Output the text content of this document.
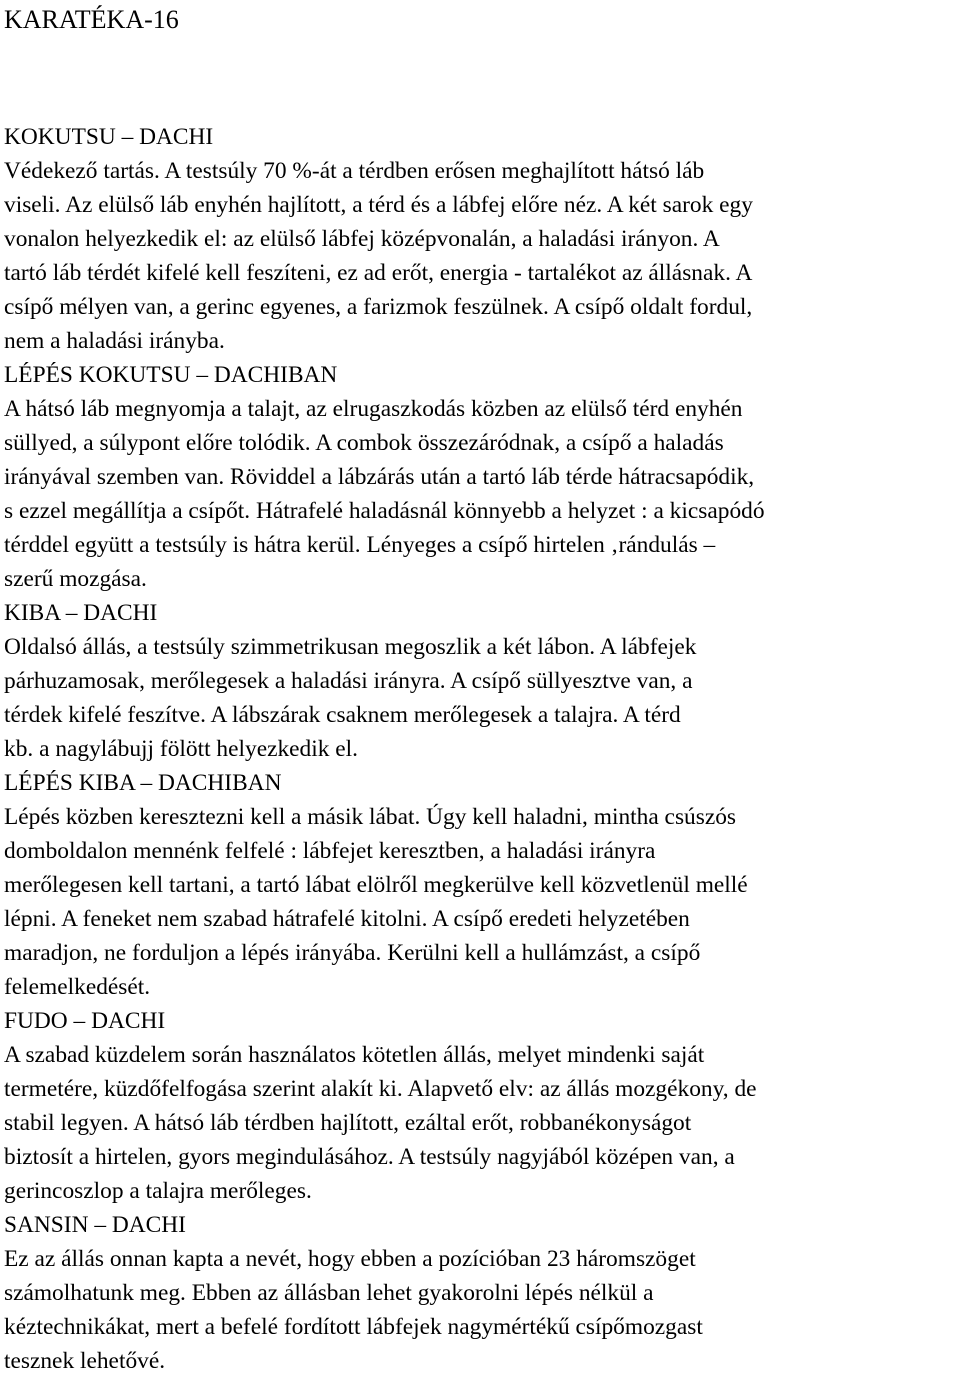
KARATÉKA-16
KOKUTSU – DACHI

Védekező tartás. A testsúly 70 %-át a térdben erősen meghajlított hátsó láb
viseli. Az elülső láb enyhén hajlított, a térd és a lábfej előre néz. A két sarok egy
vonalon helyezkedik el: az elülső lábfej középvonalán, a haladási irányon. A
tartó láb térdét kifelé kell feszíteni, ez ad erőt, energia - tartalékot az állásnak. A
csípő mélyen van, a gerinc egyenes, a farizmok feszülnek. A csípő oldalt fordul,
nem a haladási irányba.

LÉPÉS KOKUTSU – DACHIBAN

A hátsó láb megnyomja a talajt, az elrugaszkodás közben az elülső térd enyhén
süllyed, a súlypont előre tolódik. A combok összezáródnak, a csípő a haladás
irányával szemben van. Röviddel a lábzárás után a tartó láb térde hátracsapódik,
s ezzel megállítja a csípőt. Hátrafelé haladásnál könnyebb a helyzet : a kicsapódó
térddel együtt a testsúly is hátra kerül. Lényeges a csípő hirtelen ‚rándulás –
szerű mozgása.

KIBA – DACHI

Oldalsó állás, a testsúly szimmetrikusan megoszlik a két lábon. A lábfejek
párhuzamosak, merőlegesek a haladási irányra. A csípő süllyesztve van, a
térdek kifelé feszítve. A lábszárak csaknem merőlegesek a talajra. A térd
kb. a nagylábujj fölött helyezkedik el.

LÉPÉS KIBA – DACHIBAN

Lépés közben keresztezni kell a másik lábat. Úgy kell haladni, mintha csúszós
domboldalon mennénk felfelé : lábfejet keresztben, a haladási irányra
merőlegesen kell tartani, a tartó lábat elölről megkerülve kell közvetlenül mellé
lépni. A feneket nem szabad hátrafelé kitolni. A csípő eredeti helyzetében
maradjon, ne forduljon a lépés irányába. Kerülni kell a hullámzást, a csípő
felemelkedését.

FUDO – DACHI

A szabad küzdelem során használatos kötetlen állás, melyet mindenki saját
termetére, küzdőfelfogása szerint alakít ki. Alapvető elv: az állás mozgékony, de
stabil legyen. A hátsó láb térdben hajlított, ezáltal erőt, robbanékonyságot
biztosít a hirtelen, gyors megindulásához. A testsúly nagyjából középen van, a
gerincoszlop a talajra merőleges.

SANSIN – DACHI

Ez az állás onnan kapta a nevét, hogy ebben a pozícióban 23 háromszöget
számolhatunk meg. Ebben az állásban lehet gyakorolni lépés nélkül a
kéztechnikákat, mert a befelé fordított lábfejek nagymértékű csípőmozgast
tesznek lehetővé.
